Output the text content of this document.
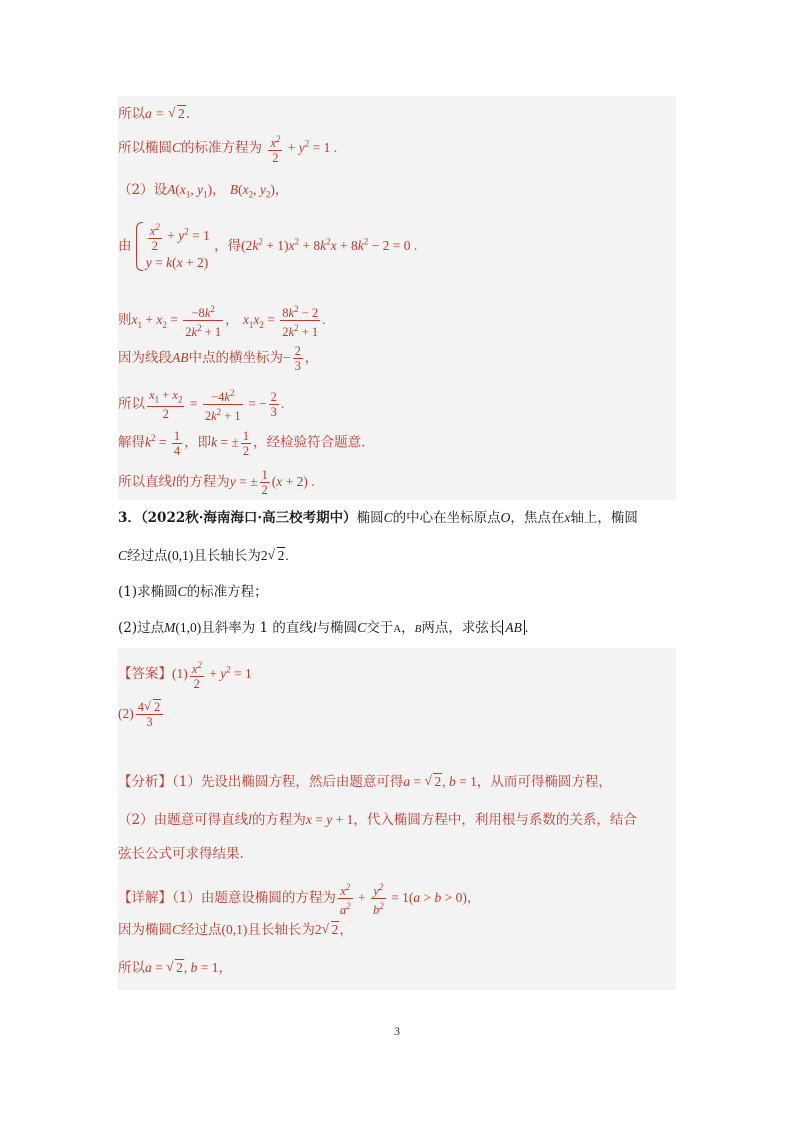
所以a = √ 2.
所以椭圆C的标准方程为 $\frac{x^2}{2} + y^2 = 1$ .
（2）设$A(x_1$, $y_1$)， $B(x_2$, $y_2$)，
由 $\frac{x^2}{2} + y^2 = 1$
y = k(x + 2)
，得$(2k^2 + 1)x^2 + 8k^2x + 8k^2 - 2 = 0$ .
则$x_1 + x_2 = \frac{-8k^2}{2k^2 + 1}$ ， $x_1x_2 = \frac{8k^2 - 2}{2k^2 + 1}$ .
因为线段AB中点的横坐标为− $\frac{2}{3}$ ，
所以 $\frac{x_1 + x_2}{2} = \frac{-4k^2}{2k^2 + 1}$ = − $\frac{2}{3}$ .
解得$k^2 = \frac{1}{4}$ ，即k = ± $\frac{1}{2}$ ，经检验符合题意.
所以直线l的方程为y = ± $\frac{1}{2} (x + 2)$ .
3．（2022秋·海南海口·高三校考期中）椭圆C的中心在坐标原点O，焦点在x轴上，椭圆
C经过点(0,1)且长轴长为2 √ 2.
(1)求椭圆C的标准方程；
(2)过点M(1,0)且斜率为 1 的直线l与椭圆C交于A，B两点，求弦长 AB .
【答案】$(1) \frac{x^2}{2} + y^2 = 1$
$(2) \frac{4 √ 2}{3}$
【分析】（1）先设出椭圆方程，然后由题意可得a = √ 2, b = 1，从而可得椭圆方程，
（2）由题意可得直线l的方程为x = y + 1，代入椭圆方程中，利用根与系数的关系，结合
弦长公式可求得结果.
【详解】（1）由题意设椭圆的方程为 $\frac{x^2}{a^2} + \frac{y^2}{b^2} = 1(a > b > 0)$，
因为椭圆C经过点(0,1)且长轴长为2 √ 2，
所以a = √ 2, b = 1，
3
